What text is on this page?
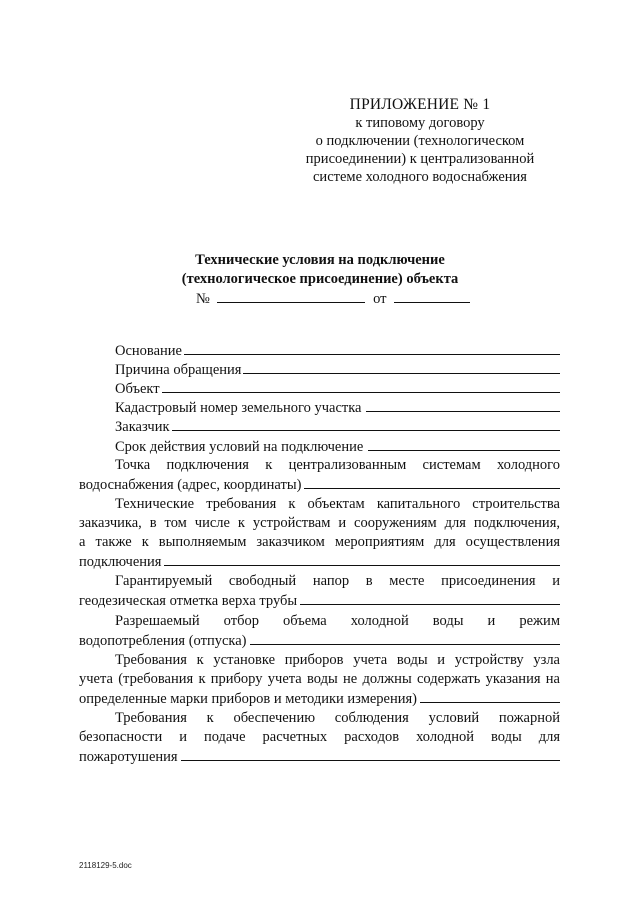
ПРИЛОЖЕНИЕ № 1
к типовому договору
о подключении (технологическом
присоединении) к централизованной
системе холодного водоснабжения
Технические условия на подключение
(технологическое присоединение) объекта
№	от
Основание
Причина обращения
Объект
Кадастровый номер земельного участка
Заказчик
Срок действия условий на подключение
Точка подключения к централизованным системам холодного
водоснабжения (адрес, координаты)
Технические требования к объектам капитального строительства
заказчика, в том числе к устройствам и сооружениям для подключения,
а также к выполняемым заказчиком мероприятиям для осуществления
подключения
Гарантируемый свободный напор в месте присоединения и
геодезическая отметка верха трубы
Разрешаемый отбор объема холодной воды и режим
водопотребления (отпуска)
Требования к установке приборов учета воды и устройству узла
учета (требования к прибору учета воды не должны содержать указания на
определенные марки приборов и методики измерения)
Требования к обеспечению соблюдения условий пожарной
безопасности и подаче расчетных расходов холодной воды для
пожаротушения
2118129-5.doc
